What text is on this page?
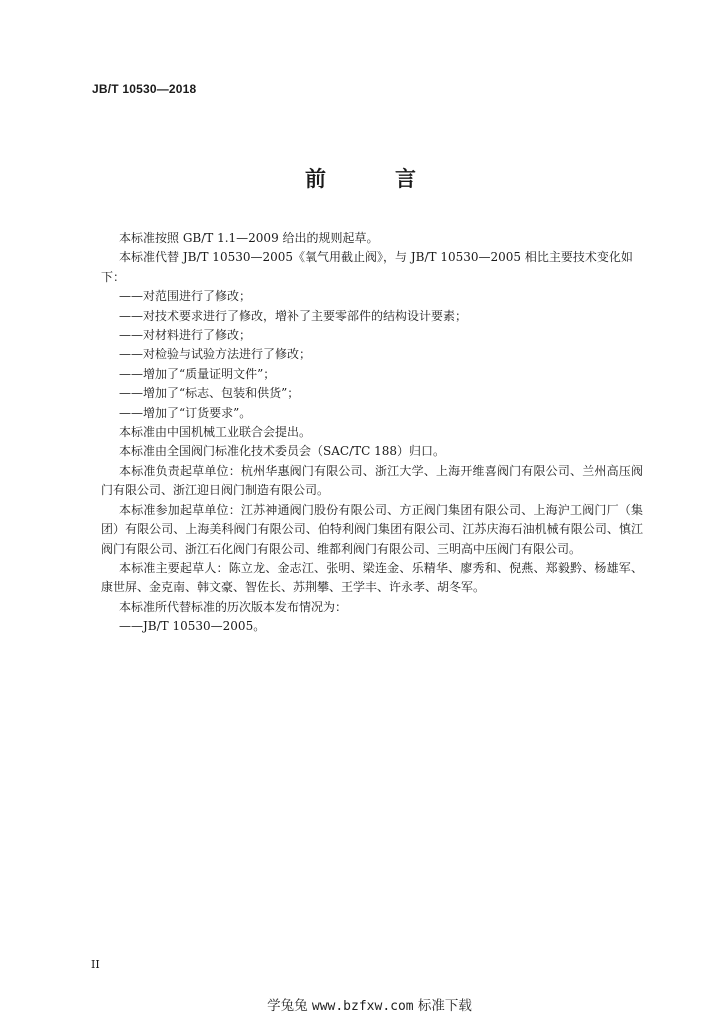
JB/T 10530—2018
前　言

本标准按照 GB/T 1.1—2009 给出的规则起草。

本标准代替 JB/T 10530—2005《氧气用截止阀》，与 JB/T 10530—2005 相比主要技术变化如下：

——对范围进行了修改；

——对技术要求进行了修改，增补了主要零部件的结构设计要素；

——对材料进行了修改；

——对检验与试验方法进行了修改；

——增加了“质量证明文件”；

——增加了“标志、包装和供货”；

——增加了“订货要求”。

本标准由中国机械工业联合会提出。

本标准由全国阀门标准化技术委员会（SAC/TC 188）归口。

本标准负责起草单位：杭州华惠阀门有限公司、浙江大学、上海开维喜阀门有限公司、兰州高压阀门有限公司、浙江迎日阀门制造有限公司。

本标准参加起草单位：江苏神通阀门股份有限公司、方正阀门集团有限公司、上海沪工阀门厂（集团）有限公司、上海美科阀门有限公司、伯特利阀门集团有限公司、江苏庆海石油机械有限公司、慎江阀门有限公司、浙江石化阀门有限公司、维都利阀门有限公司、三明高中压阀门有限公司。

本标准主要起草人：陈立龙、金志江、张明、梁连金、乐精华、廖秀和、倪燕、郑毅黔、杨雄军、康世屏、金克南、韩文豪、智佐长、苏荆攀、王学丰、许永孝、胡冬军。

本标准所代替标准的历次版本发布情况为：

——JB/T 10530—2005。

II
学兔兔 www.bzfxw.com 标准下载
